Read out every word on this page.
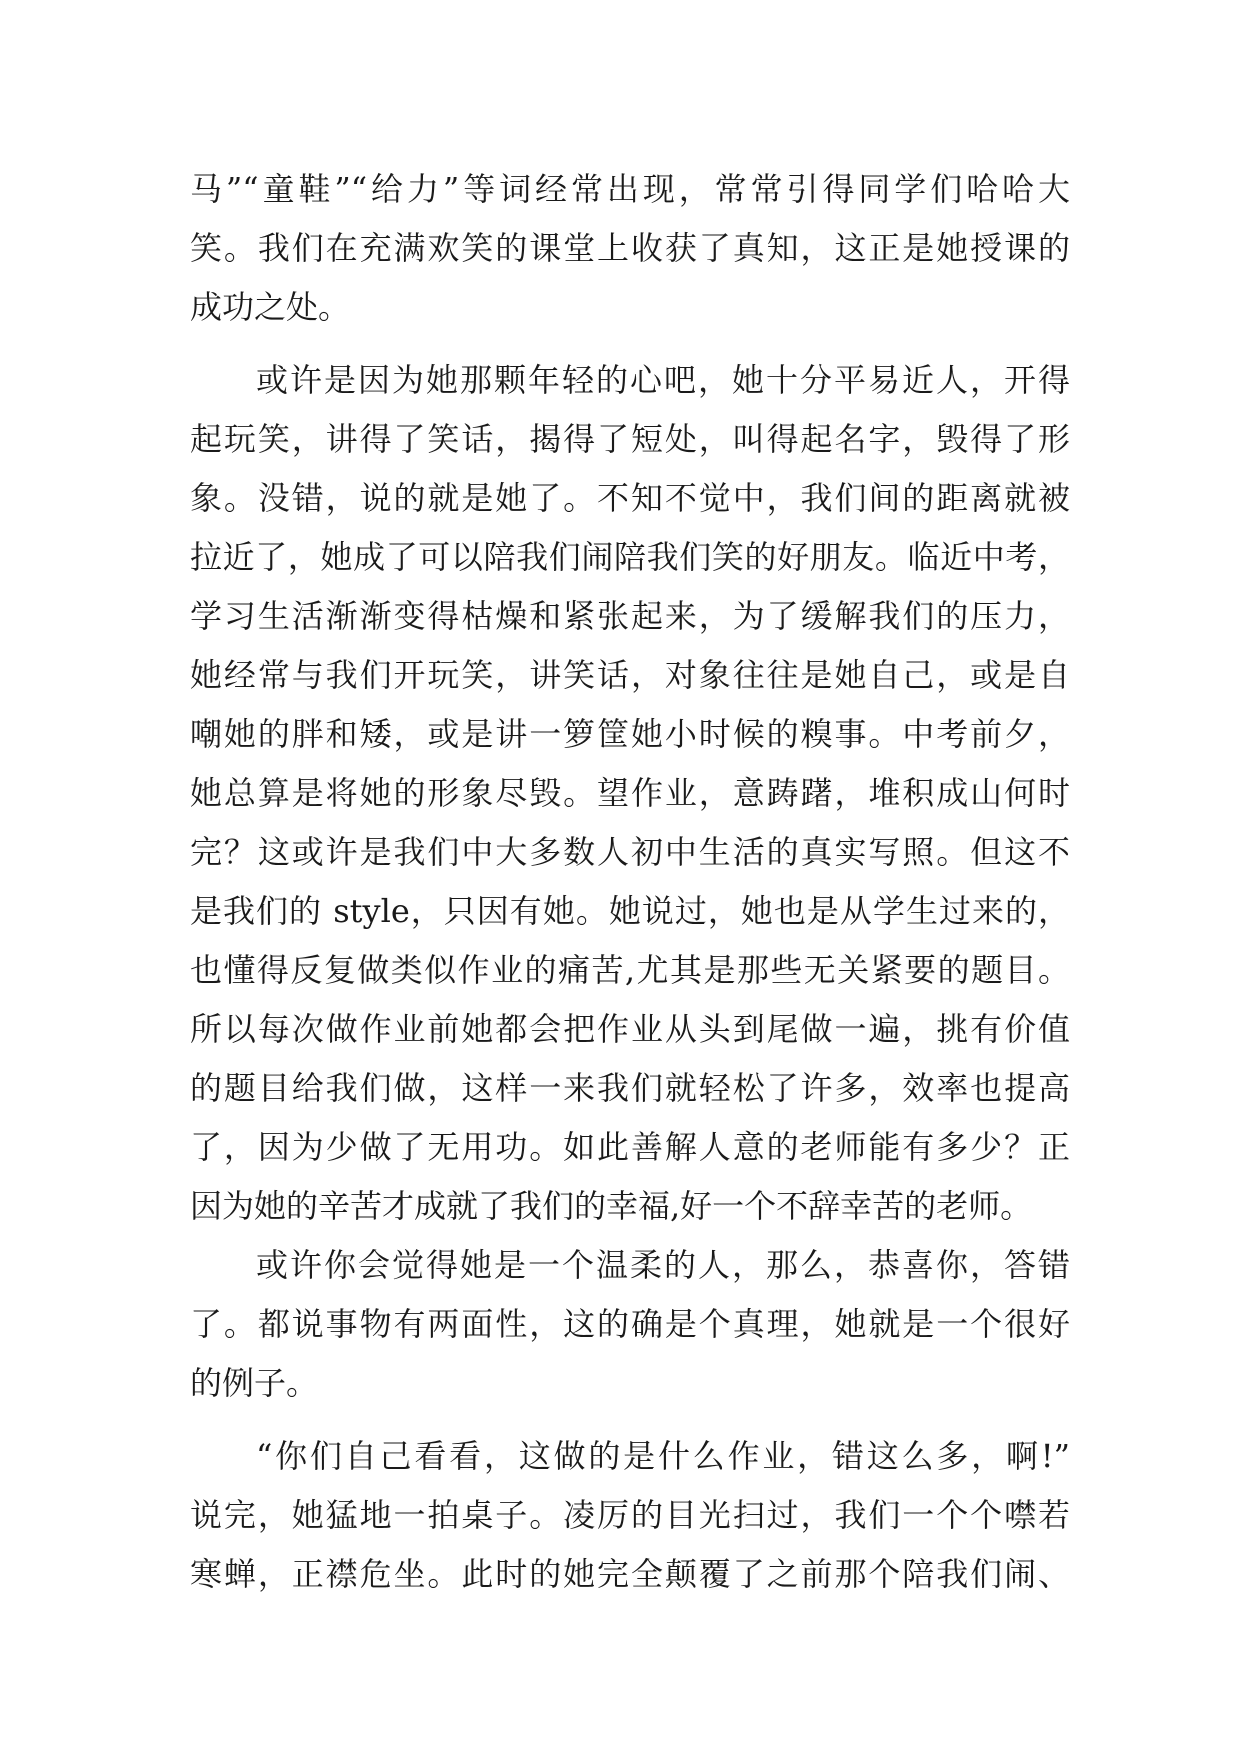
马”“童鞋”“给力”等词经常出现，常常引得同学们哈哈大
笑。我们在充满欢笑的课堂上收获了真知，这正是她授课的
成功之处。
或许是因为她那颗年轻的心吧，她十分平易近人，开得
起玩笑，讲得了笑话，揭得了短处，叫得起名字，毁得了形
象。没错，说的就是她了。不知不觉中，我们间的距离就被
拉近了，她成了可以陪我们闹陪我们笑的好朋友。临近中考，
学习生活渐渐变得枯燥和紧张起来，为了缓解我们的压力，
她经常与我们开玩笑，讲笑话，对象往往是她自己，或是自
嘲她的胖和矮，或是讲一箩筐她小时候的糗事。中考前夕，
她总算是将她的形象尽毁。望作业，意踌躇，堆积成山何时
完？这或许是我们中大多数人初中生活的真实写照。但这不
是我们的 style，只因有她。她说过，她也是从学生过来的，
也懂得反复做类似作业的痛苦,尤其是那些无关紧要的题目。
所以每次做作业前她都会把作业从头到尾做一遍，挑有价值
的题目给我们做，这样一来我们就轻松了许多，效率也提高
了，因为少做了无用功。如此善解人意的老师能有多少？正
因为她的辛苦才成就了我们的幸福,好一个不辞幸苦的老师。
或许你会觉得她是一个温柔的人，那么，恭喜你，答错
了。都说事物有两面性，这的确是个真理，她就是一个很好
的例子。
“你们自己看看，这做的是什么作业，错这么多，啊!”
说完，她猛地一拍桌子。凌厉的目光扫过，我们一个个噤若
寒蝉，正襟危坐。此时的她完全颠覆了之前那个陪我们闹、
